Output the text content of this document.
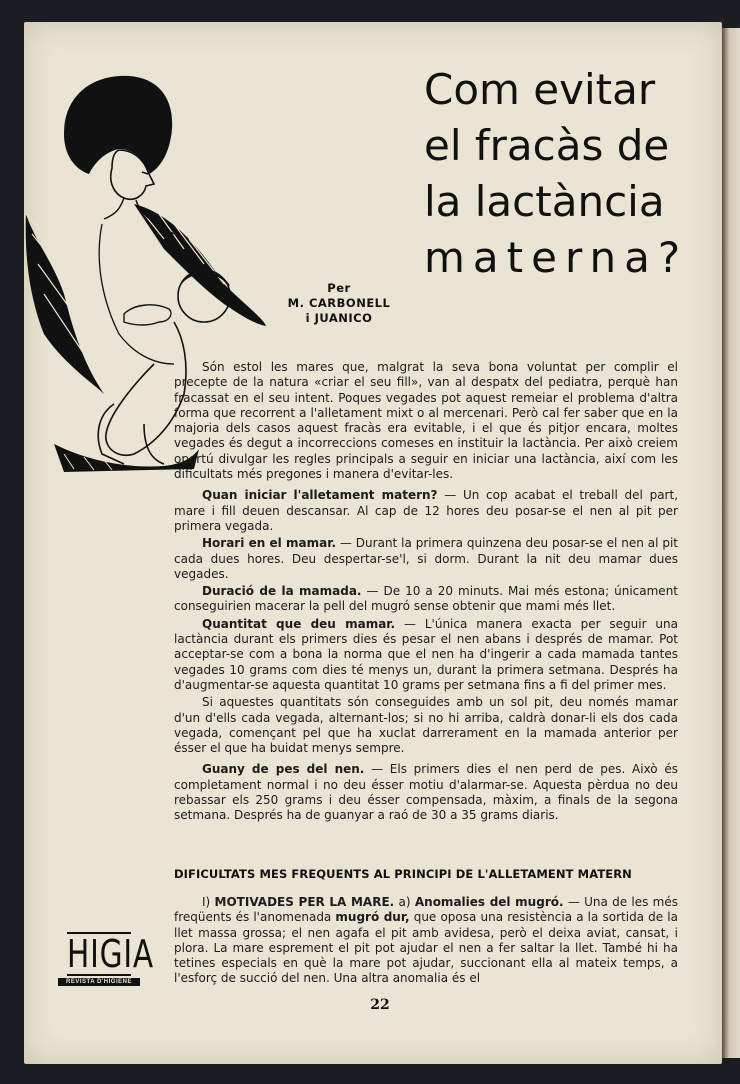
Com evitar
el fracàs de
la lactància
materna?
Per
M. CARBONELL
i JUANICO

Són estol les mares que, malgrat la seva bona voluntat per complir el precepte de la natura «criar el seu fill», van al despatx del pediatra, perquè han fracassat en el seu intent. Poques vegades pot aquest remeiar el problema d'altra forma que recorrent a l'alletament mixt o al mercenari. Però cal fer saber que en la majoria dels casos aquest fracàs era evitable, i el que és pitjor encara, moltes vegades és degut a incorreccions comeses en instituir la lactància. Per això creiem oportú divulgar les regles principals a seguir en iniciar una lactància, així com les dificultats més pregones i manera d'evitar-les.

Quan iniciar l'alletament matern? — Un cop acabat el treball del part, mare i fill deuen descansar. Al cap de 12 hores deu posar-se el nen al pit per primera vegada.

Horari en el mamar. — Durant la primera quinzena deu posar-se el nen al pit cada dues hores. Deu despertar-se'l, si dorm. Durant la nit deu mamar dues vegades.

Duració de la mamada. — De 10 a 20 minuts. Mai més estona; únicament conseguirien macerar la pell del mugró sense obtenir que mami més llet.

Quantitat que deu mamar. — L'única manera exacta per seguir una lactància durant els primers dies és pesar el nen abans i després de mamar. Pot acceptar-se com a bona la norma que el nen ha d'ingerir a cada mamada tantes vegades 10 grams com dies té menys un, durant la primera setmana. Després ha d'augmentar-se aquesta quantitat 10 grams per setmana fins a fi del primer mes.

Si aquestes quantitats són conseguides amb un sol pit, deu només mamar d'un d'ells cada vegada, alternant-los; si no hi arriba, caldrà donar-li els dos cada vegada, començant pel que ha xuclat darrerament en la mamada anterior per ésser el que ha buidat menys sempre.

Guany de pes del nen. — Els primers dies el nen perd de pes. Això és completament normal i no deu ésser motiu d'alarmar-se. Aquesta pèrdua no deu rebassar els 250 grams i deu ésser compensada, màxim, a finals de la segona setmana. Després ha de guanyar a raó de 30 a 35 grams diaris.

DIFICULTATS MES FREQUENTS AL PRINCIPI DE L'ALLETAMENT MATERN

I) MOTIVADES PER LA MARE. a) Anomalies del mugró. — Una de les més freqüents és l'anomenada mugró dur, que oposa una resistència a la sortida de la llet massa grossa; el nen agafa el pit amb avidesa, però el deixa aviat, cansat, i plora. La mare esprement el pit pot ajudar el nen a fer saltar la llet. També hi ha tetines especials en què la mare pot ajudar, succionant ella al mateix temps, a l'esforç de succió del nen. Una altra anomalia és el

HIGIA
REVISTA D'HIGIENE
22
